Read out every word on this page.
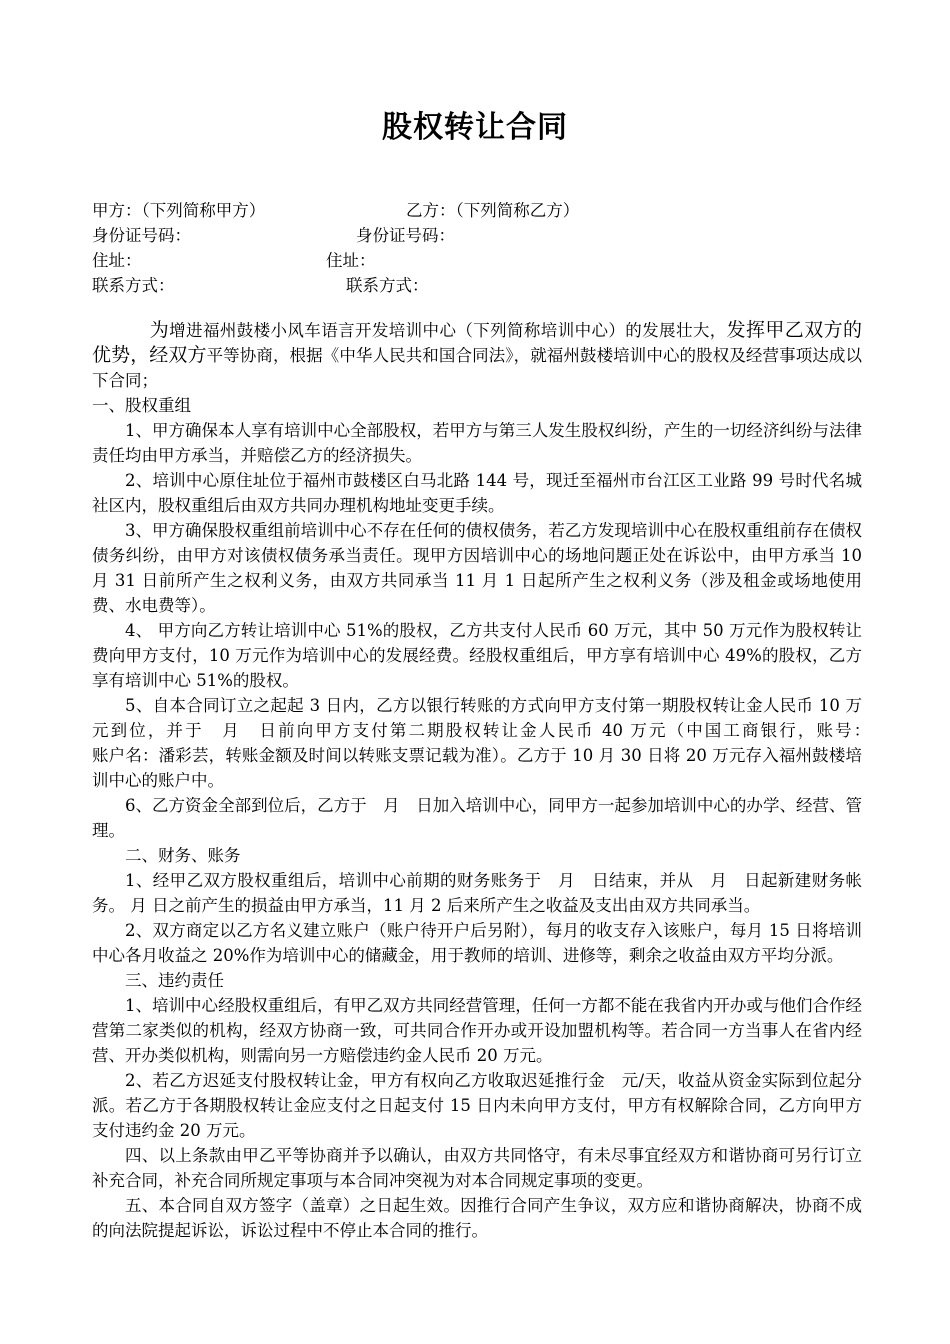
股权转让合同
甲方：（下列简称甲方）	乙方：（下列简称乙方）
身份证号码：	身份证号码：
住址：	住址：
联系方式：	联系方式：

为增进福州鼓楼小风车语言开发培训中心（下列简称培训中心）的发展壮大，发挥甲乙双方的优势，经双方平等协商，根据《中华人民共和国合同法》，就福州鼓楼培训中心的股权及经营事项达成以下合同；

一、股权重组

1、甲方确保本人享有培训中心全部股权，若甲方与第三人发生股权纠纷，产生的一切经济纠纷与法律责任均由甲方承当，并赔偿乙方的经济损失。

2、培训中心原住址位于福州市鼓楼区白马北路 144 号，现迁至福州市台江区工业路 99 号时代名城社区内，股权重组后由双方共同办理机构地址变更手续。

3、甲方确保股权重组前培训中心不存在任何的债权债务，若乙方发现培训中心在股权重组前存在债权债务纠纷，由甲方对该债权债务承当责任。现甲方因培训中心的场地问题正处在诉讼中，由甲方承当 10 月 31 日前所产生之权利义务，由双方共同承当 11 月 1 日起所产生之权利义务（涉及租金或场地使用费、水电费等）。

4、 甲方向乙方转让培训中心 51%的股权，乙方共支付人民币 60 万元，其中 50 万元作为股权转让费向甲方支付，10 万元作为培训中心的发展经费。经股权重组后，甲方享有培训中心 49%的股权，乙方享有培训中心 51%的股权。

5、自本合同订立之起起 3 日内，乙方以银行转账的方式向甲方支付第一期股权转让金人民币 10 万元到位，并于　月　日前向甲方支付第二期股权转让金人民币 40 万元（中国工商银行，账号：　　　　　账户名：潘彩芸，转账金额及时间以转账支票记载为准）。乙方于 10 月 30 日将 20 万元存入福州鼓楼培训中心的账户中。

6、乙方资金全部到位后，乙方于　月　日加入培训中心，同甲方一起参加培训中心的办学、经营、管理。

二、财务、账务

1、经甲乙双方股权重组后，培训中心前期的财务账务于　月　日结束，并从　月　日起新建财务帐务。 月 日之前产生的损益由甲方承当，11 月 2 后来所产生之收益及支出由双方共同承当。

2、双方商定以乙方名义建立账户（账户待开户后另附），每月的收支存入该账户，每月 15 日将培训中心各月收益之 20%作为培训中心的储藏金，用于教师的培训、进修等，剩余之收益由双方平均分派。

三、违约责任

1、培训中心经股权重组后，有甲乙双方共同经营管理，任何一方都不能在我省内开办或与他们合作经营第二家类似的机构，经双方协商一致，可共同合作开办或开设加盟机构等。若合同一方当事人在省内经营、开办类似机构，则需向另一方赔偿违约金人民币 20 万元。

2、若乙方迟延支付股权转让金，甲方有权向乙方收取迟延推行金　元/天，收益从资金实际到位起分派。若乙方于各期股权转让金应支付之日起支付 15 日内未向甲方支付，甲方有权解除合同，乙方向甲方支付违约金 20 万元。

四、以上条款由甲乙平等协商并予以确认，由双方共同恪守，有未尽事宜经双方和谐协商可另行订立补充合同，补充合同所规定事项与本合同冲突视为对本合同规定事项的变更。

五、本合同自双方签字（盖章）之日起生效。因推行合同产生争议，双方应和谐协商解决，协商不成的向法院提起诉讼，诉讼过程中不停止本合同的推行。
